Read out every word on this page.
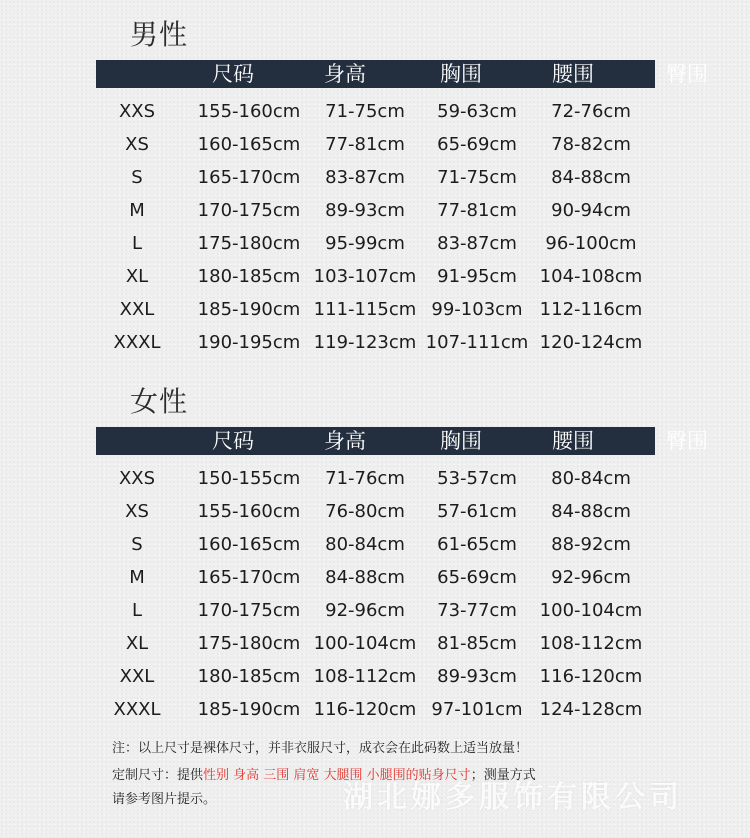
男性
尺码	身高	胸围	腰围	臀围
XXS 155-160cm 71-75cm 59-63cm 72-76cm
XS	160-165cm 77-81cm 65-69cm 78-82cm
S	165-170cm 83-87cm 71-75cm 84-88cm
M	170-175cm 89-93cm 77-81cm 90-94cm
L	175-180cm 95-99cm 83-87cm 96-100cm
XL	180-185cm 103-107cm 91-95cm 104-108cm
XXL 185-190cm 111-115cm 99-103cm 112-116cm
XXXL 190-195cm 119-123cm 107-111cm 120-124cm
女性
尺码	身高	胸围	腰围	臀围
XXS 150-155cm 71-76cm 53-57cm 80-84cm
XS	155-160cm 76-80cm 57-61cm 84-88cm
S	160-165cm 80-84cm 61-65cm 88-92cm
M	165-170cm 84-88cm 65-69cm 92-96cm
L	170-175cm 92-96cm 73-77cm 100-104cm
XL	175-180cm 100-104cm 81-85cm 108-112cm
XXL 180-185cm 108-112cm 89-93cm 116-120cm
XXXL 185-190cm 116-120cm 97-101cm 124-128cm
注：以上尺寸是裸体尺寸，并非衣服尺寸，成衣会在此码数上适当放量！
定制尺寸：提供性别 身高 三围 肩宽 大腿围 小腿围的贴身尺寸；测量方式
请参考图片提示。	湖北娜多服饰有限公司
